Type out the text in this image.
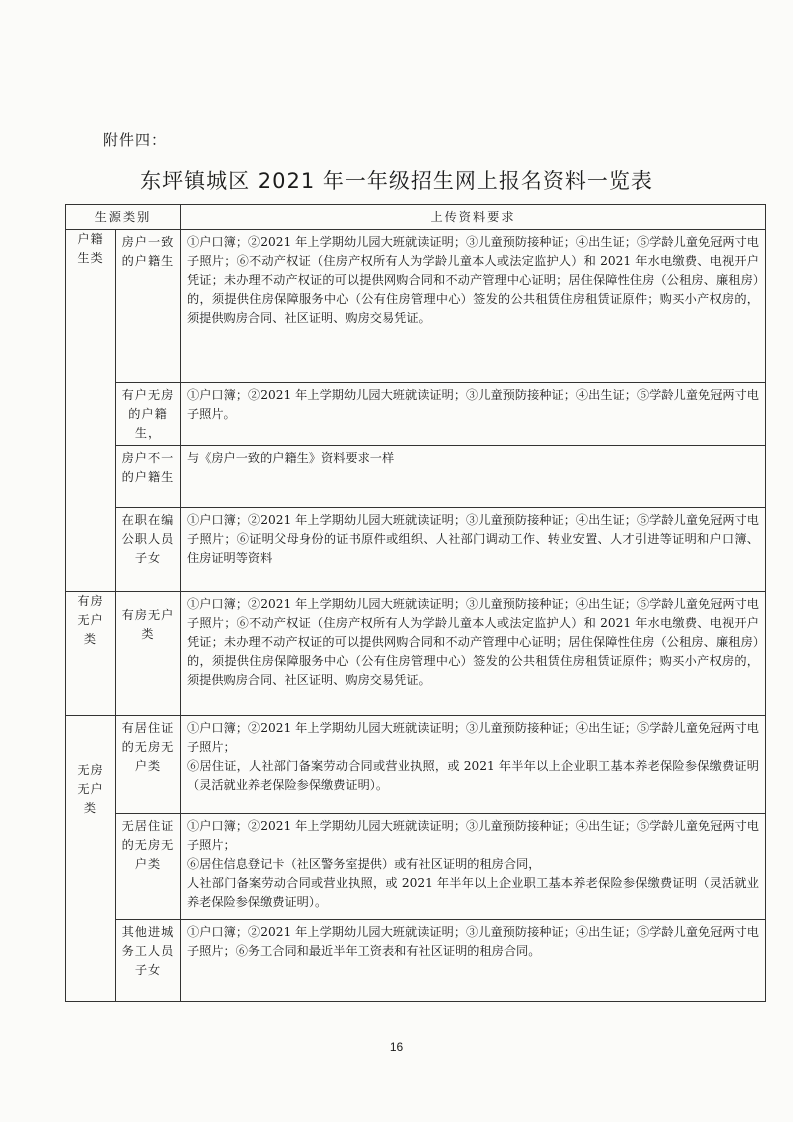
附件四：
东坪镇城区 2021 年一年级招生网上报名资料一览表
生源类别		上传资料要求
户籍生类	房户一致的户籍生	①户口簿；②2021 年上学期幼儿园大班就读证明；③儿童预防接种证；④出生证；⑤学龄儿童免冠两寸电子照片；⑥不动产权证（住房产权所有人为学龄儿童本人或法定监护人）和 2021 年水电缴费、电视开户凭证；未办理不动产权证的可以提供网购合同和不动产管理中心证明；居住保障性住房（公租房、廉租房）的，须提供住房保障服务中心（公有住房管理中心）签发的公共租赁住房租赁证原件；购买小产权房的，须提供购房合同、社区证明、购房交易凭证。
	有户无房的户籍生，	①户口簿；②2021 年上学期幼儿园大班就读证明；③儿童预防接种证；④出生证；⑤学龄儿童免冠两寸电子照片。
	房户不一的户籍生	与《房户一致的户籍生》资料要求一样
	在职在编公职人员子女	①户口簿；②2021 年上学期幼儿园大班就读证明；③儿童预防接种证；④出生证；⑤学龄儿童免冠两寸电子照片；⑥证明父母身份的证书原件或组织、人社部门调动工作、转业安置、人才引进等证明和户口簿、住房证明等资料
有房无户类	有房无户类	①户口簿；②2021 年上学期幼儿园大班就读证明；③儿童预防接种证；④出生证；⑤学龄儿童免冠两寸电子照片；⑥不动产权证（住房产权所有人为学龄儿童本人或法定监护人）和 2021 年水电缴费、电视开户凭证；未办理不动产权证的可以提供网购合同和不动产管理中心证明；居住保障性住房（公租房、廉租房）的，须提供住房保障服务中心（公有住房管理中心）签发的公共租赁住房租赁证原件；购买小产权房的，须提供购房合同、社区证明、购房交易凭证。
无房无户类	有居住证的无房无户类	①户口簿；②2021 年上学期幼儿园大班就读证明；③儿童预防接种证；④出生证；⑤学龄儿童免冠两寸电子照片；
⑥居住证，人社部门备案劳动合同或营业执照，或 2021 年半年以上企业职工基本养老保险参保缴费证明（灵活就业养老保险参保缴费证明）。
	无居住证的无房无户类	①户口簿；②2021 年上学期幼儿园大班就读证明；③儿童预防接种证；④出生证；⑤学龄儿童免冠两寸电子照片；
⑥居住信息登记卡（社区警务室提供）或有社区证明的租房合同，
人社部门备案劳动合同或营业执照，或 2021 年半年以上企业职工基本养老保险参保缴费证明（灵活就业养老保险参保缴费证明）。
	其他进城务工人员子女	①户口簿；②2021 年上学期幼儿园大班就读证明；③儿童预防接种证；④出生证；⑤学龄儿童免冠两寸电子照片；⑥务工合同和最近半年工资表和有社区证明的租房合同。
16
